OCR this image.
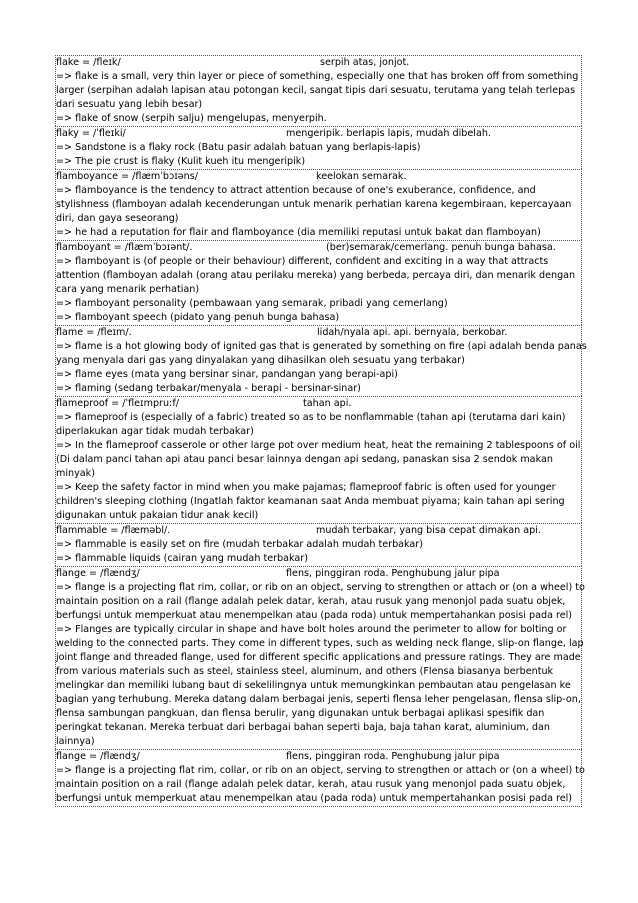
flake = /fleɪk/	serpih atas, jonjot.
=> flake is a small, very thin layer or piece of something, especially one that has broken off from something
larger (serpihan adalah lapisan atau potongan kecil, sangat tipis dari sesuatu, terutama yang telah terlepas
dari sesuatu yang lebih besar)
=> flake of snow (serpih salju) mengelupas, menyerpih.
flaky = /ˈfleɪki/	mengeripik. berlapis lapis, mudah dibelah.
=> Sandstone is a flaky rock (Batu pasir adalah batuan yang berlapis-lapis)
=> The pie crust is flaky (Kulit kueh itu mengeripik)
flamboyance = /flæmˈbɔɪəns/	keelokan semarak.
=> flamboyance is the tendency to attract attention because of one's exuberance, confidence, and
stylishness (flamboyan adalah kecenderungan untuk menarik perhatian karena kegembiraan, kepercayaan
diri, dan gaya seseorang)
=> he had a reputation for flair and flamboyance (dia memiliki reputasi untuk bakat dan flamboyan)
flamboyant = /flæmˈbɔɪənt/.	(ber)semarak/cemerlang. penuh bunga bahasa.
=> flamboyant is (of people or their behaviour) different, confident and exciting in a way that attracts
attention (flamboyan adalah (orang atau perilaku mereka) yang berbeda, percaya diri, dan menarik dengan
cara yang menarik perhatian)
=> flamboyant personality (pembawaan yang semarak, pribadi yang cemerlang)
=> flamboyant speech (pidato yang penuh bunga bahasa)
flame = /fleɪm/.	lidah/nyala api. api. bernyala, berkobar.
=> flame is a hot glowing body of ignited gas that is generated by something on fire (api adalah benda panas
yang menyala dari gas yang dinyalakan yang dihasilkan oleh sesuatu yang terbakar)
=> flame eyes (mata yang bersinar sinar, pandangan yang berapi-api)
=> flaming (sedang terbakar/menyala - berapi - bersinar-sinar)
flameproof = /ˈfleɪmpruːf/	tahan api.
=> flameproof is (especially of a fabric) treated so as to be nonflammable (tahan api (terutama dari kain)
diperlakukan agar tidak mudah terbakar)
=> In the flameproof casserole or other large pot over medium heat, heat the remaining 2 tablespoons of oil
(Di dalam panci tahan api atau panci besar lainnya dengan api sedang, panaskan sisa 2 sendok makan
minyak)
=> Keep the safety factor in mind when you make pajamas; flameproof fabric is often used for younger
children's sleeping clothing (Ingatlah faktor keamanan saat Anda membuat piyama; kain tahan api sering
digunakan untuk pakaian tidur anak kecil)
flammable = /flæməbl/.	mudah terbakar, yang bisa cepat dimakan api.
=> flammable is easily set on fire (mudah terbakar adalah mudah terbakar)
=> flammable liquids (cairan yang mudah terbakar)
flange = /flændʒ/	flens, pinggiran roda. Penghubung jalur pipa
=> flange is a projecting flat rim, collar, or rib on an object, serving to strengthen or attach or (on a wheel) to
maintain position on a rail (flange adalah pelek datar, kerah, atau rusuk yang menonjol pada suatu objek,
berfungsi untuk memperkuat atau menempelkan atau (pada roda) untuk mempertahankan posisi pada rel)
=> Flanges are typically circular in shape and have bolt holes around the perimeter to allow for bolting or
welding to the connected parts. They come in different types, such as welding neck flange, slip-on flange, lap
joint flange and threaded flange, used for different specific applications and pressure ratings. They are made
from various materials such as steel, stainless steel, aluminum, and others (Flensa biasanya berbentuk
melingkar dan memiliki lubang baut di sekelilingnya untuk memungkinkan pembautan atau pengelasan ke
bagian yang terhubung. Mereka datang dalam berbagai jenis, seperti flensa leher pengelasan, flensa slip-on,
flensa sambungan pangkuan, dan flensa berulir, yang digunakan untuk berbagai aplikasi spesifik dan
peringkat tekanan. Mereka terbuat dari berbagai bahan seperti baja, baja tahan karat, aluminium, dan
lainnya)
flange = /flændʒ/	flens, pinggiran roda. Penghubung jalur pipa
=> flange is a projecting flat rim, collar, or rib on an object, serving to strengthen or attach or (on a wheel) to
maintain position on a rail (flange adalah pelek datar, kerah, atau rusuk yang menonjol pada suatu objek,
berfungsi untuk memperkuat atau menempelkan atau (pada roda) untuk mempertahankan posisi pada rel)
